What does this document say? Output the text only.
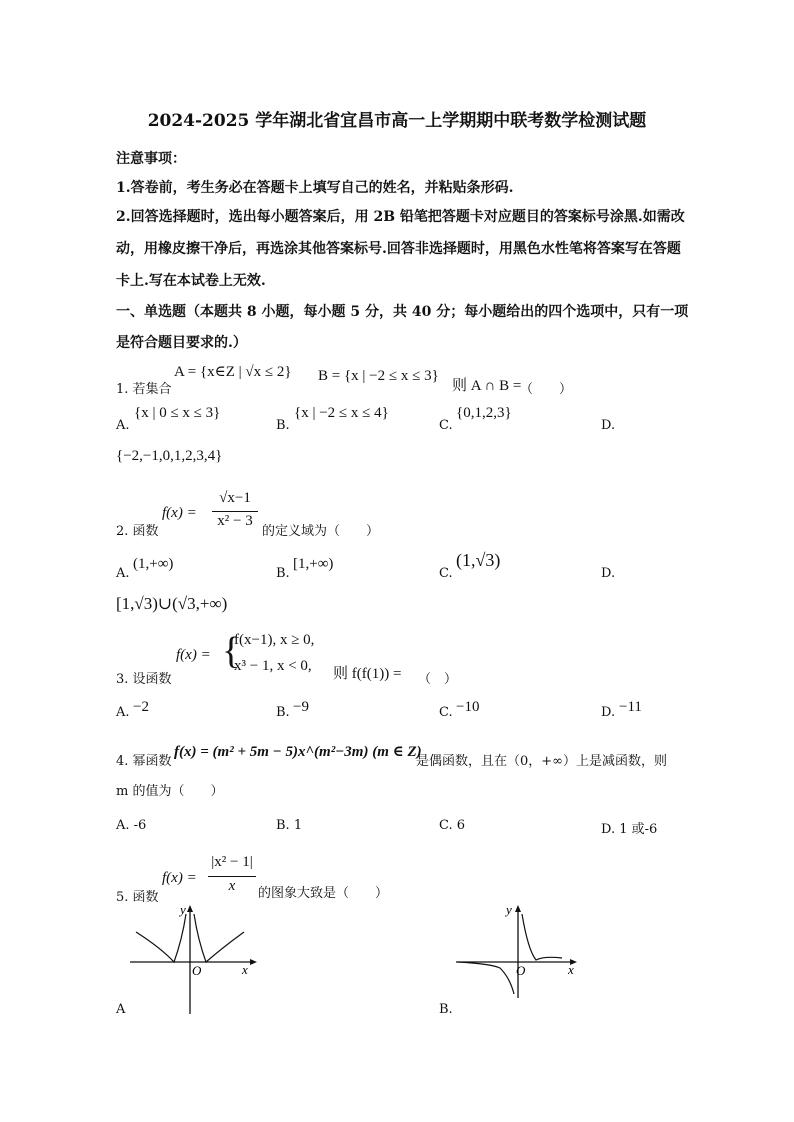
2024-2025 学年湖北省宜昌市高一上学期期中联考数学检测试题
注意事项：
1.答卷前，考生务必在答题卡上填写自己的姓名，并粘贴条形码.
2.回答选择题时，选出每小题答案后，用 2B 铅笔把答题卡对应题目的答案标号涂黑.如需改
动，用橡皮擦干净后，再选涂其他答案标号.回答非选择题时，用黑色水性笔将答案写在答题
卡上.写在本试卷上无效.
一、单选题（本题共 8 小题，每小题 5 分，共 40 分；每小题给出的四个选项中，只有一项
是符合题目要求的.）
1. 若集合
A = {x∈Z | √x ≤ 2} B = {x | −2 ≤ x ≤ 3}
则 A ∩ B =
（　　）
A.
{x | 0 ≤ x ≤ 3}
B.
{x | −2 ≤ x ≤ 4}
C.
{0,1,2,3}
D.
{−2,−1,0,1,2,3,4}
2. 函数
f(x) =
√x−1
x² − 3
的定义域为（　　）
A.
(1,+∞)
B.
[1,+∞)
C.
(1,√3)
D.
[1,√3)∪(√3,+∞)
3. 设函数
f(x) = {
f(x−1), x ≥ 0,
x³ − 1, x < 0, 则 f(f(1)) = （　）
A. −2	B. −9	C. −10	D. −11
4. 幂函数
f(x) = (m² + 5m − 5)x^(m²−3m) (m ∈ Z)
是偶函数，且在（0，+∞）上是减函数，则
m 的值为（　　）
A. -6	B. 1	C. 6	D. 1 或-6
5. 函数
f(x) =
|x² − 1|
x	的图象大致是（　　）
O	x
y
O	x
y
A	B.
